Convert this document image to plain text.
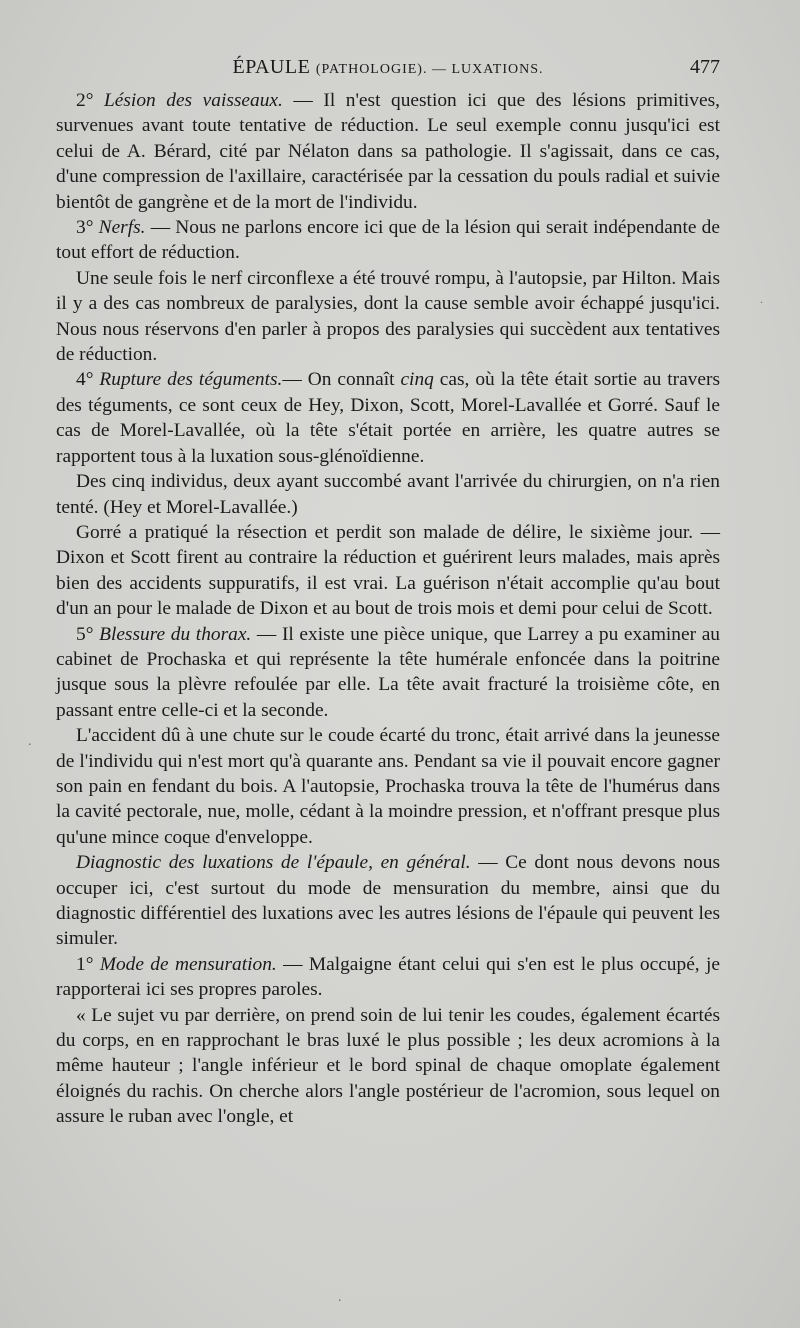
ÉPAULE (PATHOLOGIE). — LUXATIONS.	477

2° Lésion des vaisseaux. — Il n'est question ici que des lésions primitives, survenues avant toute tentative de réduction. Le seul exemple connu jusqu'ici est celui de A. Bérard, cité par Nélaton dans sa pathologie. Il s'agissait, dans ce cas, d'une compression de l'axillaire, caractérisée par la cessation du pouls radial et suivie bientôt de gangrène et de la mort de l'individu.

3° Nerfs. — Nous ne parlons encore ici que de la lésion qui serait indépendante de tout effort de réduction.

Une seule fois le nerf circonflexe a été trouvé rompu, à l'autopsie, par Hilton. Mais il y a des cas nombreux de paralysies, dont la cause semble avoir échappé jusqu'ici. Nous nous réservons d'en parler à propos des paralysies qui succèdent aux tentatives de réduction.

4° Rupture des téguments.— On connaît cinq cas, où la tête était sortie au travers des téguments, ce sont ceux de Hey, Dixon, Scott, Morel-Lavallée et Gorré. Sauf le cas de Morel-Lavallée, où la tête s'était portée en arrière, les quatre autres se rapportent tous à la luxation sous-glénoïdienne.

Des cinq individus, deux ayant succombé avant l'arrivée du chirurgien, on n'a rien tenté. (Hey et Morel-Lavallée.)

Gorré a pratiqué la résection et perdit son malade de délire, le sixième jour. — Dixon et Scott firent au contraire la réduction et guérirent leurs malades, mais après bien des accidents suppuratifs, il est vrai. La guérison n'était accomplie qu'au bout d'un an pour le malade de Dixon et au bout de trois mois et demi pour celui de Scott.

5° Blessure du thorax. — Il existe une pièce unique, que Larrey a pu examiner au cabinet de Prochaska et qui représente la tête humérale enfoncée dans la poitrine jusque sous la plèvre refoulée par elle. La tête avait fracturé la troisième côte, en passant entre celle-ci et la seconde.

L'accident dû à une chute sur le coude écarté du tronc, était arrivé dans la jeunesse de l'individu qui n'est mort qu'à quarante ans. Pendant sa vie il pouvait encore gagner son pain en fendant du bois. A l'autopsie, Prochaska trouva la tête de l'humérus dans la cavité pectorale, nue, molle, cédant à la moindre pression, et n'offrant presque plus qu'une mince coque d'enveloppe.

Diagnostic des luxations de l'épaule, en général. — Ce dont nous devons nous occuper ici, c'est surtout du mode de mensuration du membre, ainsi que du diagnostic différentiel des luxations avec les autres lésions de l'épaule qui peuvent les simuler.

1° Mode de mensuration. — Malgaigne étant celui qui s'en est le plus occupé, je rapporterai ici ses propres paroles.

« Le sujet vu par derrière, on prend soin de lui tenir les coudes, également écartés du corps, en en rapprochant le bras luxé le plus possible ; les deux acromions à la même hauteur ; l'angle inférieur et le bord spinal de chaque omoplate également éloignés du rachis. On cherche alors l'angle postérieur de l'acromion, sous lequel on assure le ruban avec l'ongle, et

.
.
.
